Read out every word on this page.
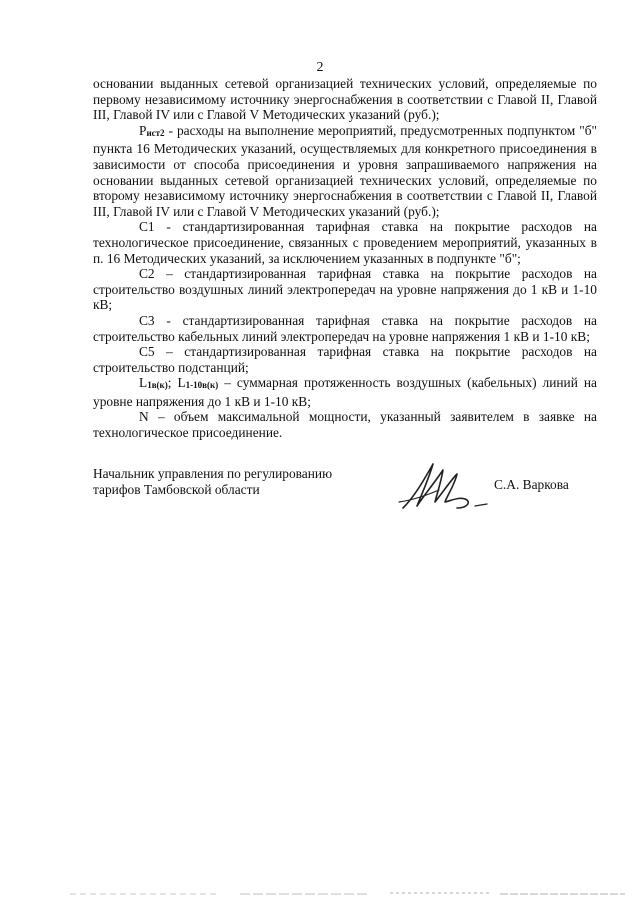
2

основании выданных сетевой организацией технических условий, определяемые по первому независимому источнику энергоснабжения в соответствии с Главой II, Главой III, Главой IV или с Главой V Методических указаний (руб.);

Pист2 - расходы на выполнение мероприятий, предусмотренных подпунктом "б" пункта 16 Методических указаний, осуществляемых для конкретного присоединения в зависимости от способа присоединения и уровня запрашиваемого напряжения на основании выданных сетевой организацией технических условий, определяемые по второму независимому источнику энергоснабжения в соответствии с Главой II, Главой III, Главой IV или с Главой V Методических указаний (руб.);

C1 - стандартизированная тарифная ставка на покрытие расходов на технологическое присоединение, связанных с проведением мероприятий, указанных в п. 16 Методических указаний, за исключением указанных в подпункте "б";

C2 – стандартизированная тарифная ставка на покрытие расходов на строительство воздушных линий электропередач на уровне напряжения до 1 кВ и 1-10 кВ;

C3 - стандартизированная тарифная ставка на покрытие расходов на строительство кабельных линий электропередач на уровне напряжения 1 кВ и 1-10 кВ;

C5 – стандартизированная тарифная ставка на покрытие расходов на строительство подстанций;

L1в(к); L1-10в(к) – суммарная протяженность воздушных (кабельных) линий на уровне напряжения до 1 кВ и 1-10 кВ;

N – объем максимальной мощности, указанный заявителем в заявке на технологическое присоединение.

Начальник управления по регулированию
тарифов Тамбовской области	С.А. Варкова
